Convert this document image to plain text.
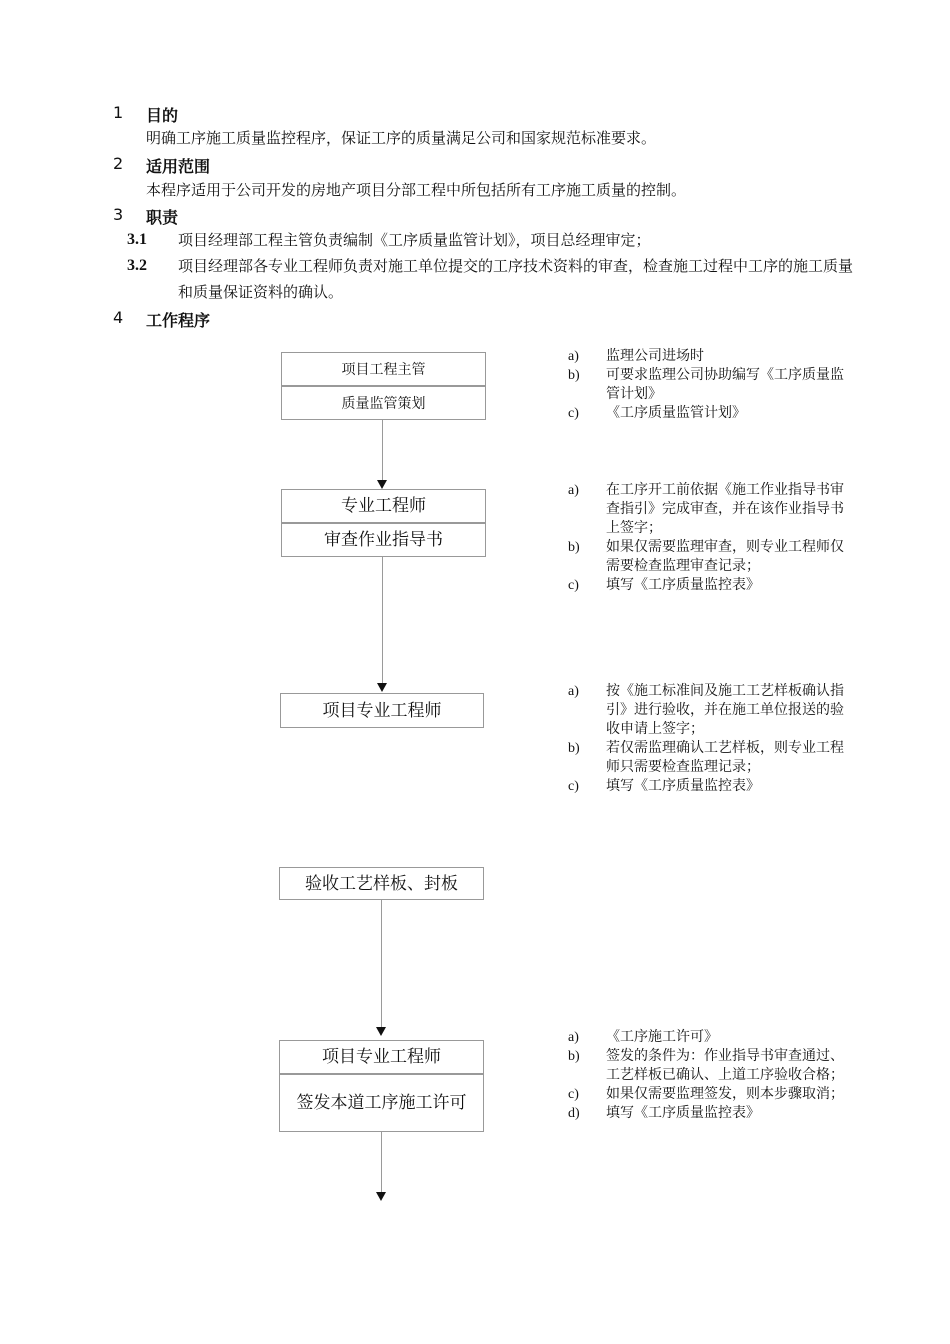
1 目的
明确工序施工质量监控程序，保证工序的质量满足公司和国家规范标准要求。
2 适用范围
本程序适用于公司开发的房地产项目分部工程中所包括所有工序施工质量的控制。
3 职责
3.1 项目经理部工程主管负责编制《工序质量监管计划》，项目总经理审定；
3.2 项目经理部各专业工程师负责对施工单位提交的工序技术资料的审查，检查施工过程中工序的施工质量和质量保证资料的确认。
4 工作程序
项目工程主管
质量监管策划
专业工程师
审查作业指导书
项目专业工程师
验收工艺样板、封板
项目专业工程师
签发本道工序施工许可
a)	监理公司进场时
b)	可要求监理公司协助编写《工序质量监管计划》
c)	《工序质量监管计划》
a)	在工序开工前依据《施工作业指导书审查指引》完成审查，并在该作业指导书上签字；
b)	如果仅需要监理审查，则专业工程师仅需要检查监理审查记录；
c)	填写《工序质量监控表》
a)	按《施工标准间及施工工艺样板确认指引》进行验收，并在施工单位报送的验收申请上签字；
b)	若仅需监理确认工艺样板，则专业工程师只需要检查监理记录；
c)	填写《工序质量监控表》
a)	《工序施工许可》
b)	签发的条件为：作业指导书审查通过、工艺样板已确认、上道工序验收合格；
c)	如果仅需要监理签发，则本步骤取消；
d)	填写《工序质量监控表》
